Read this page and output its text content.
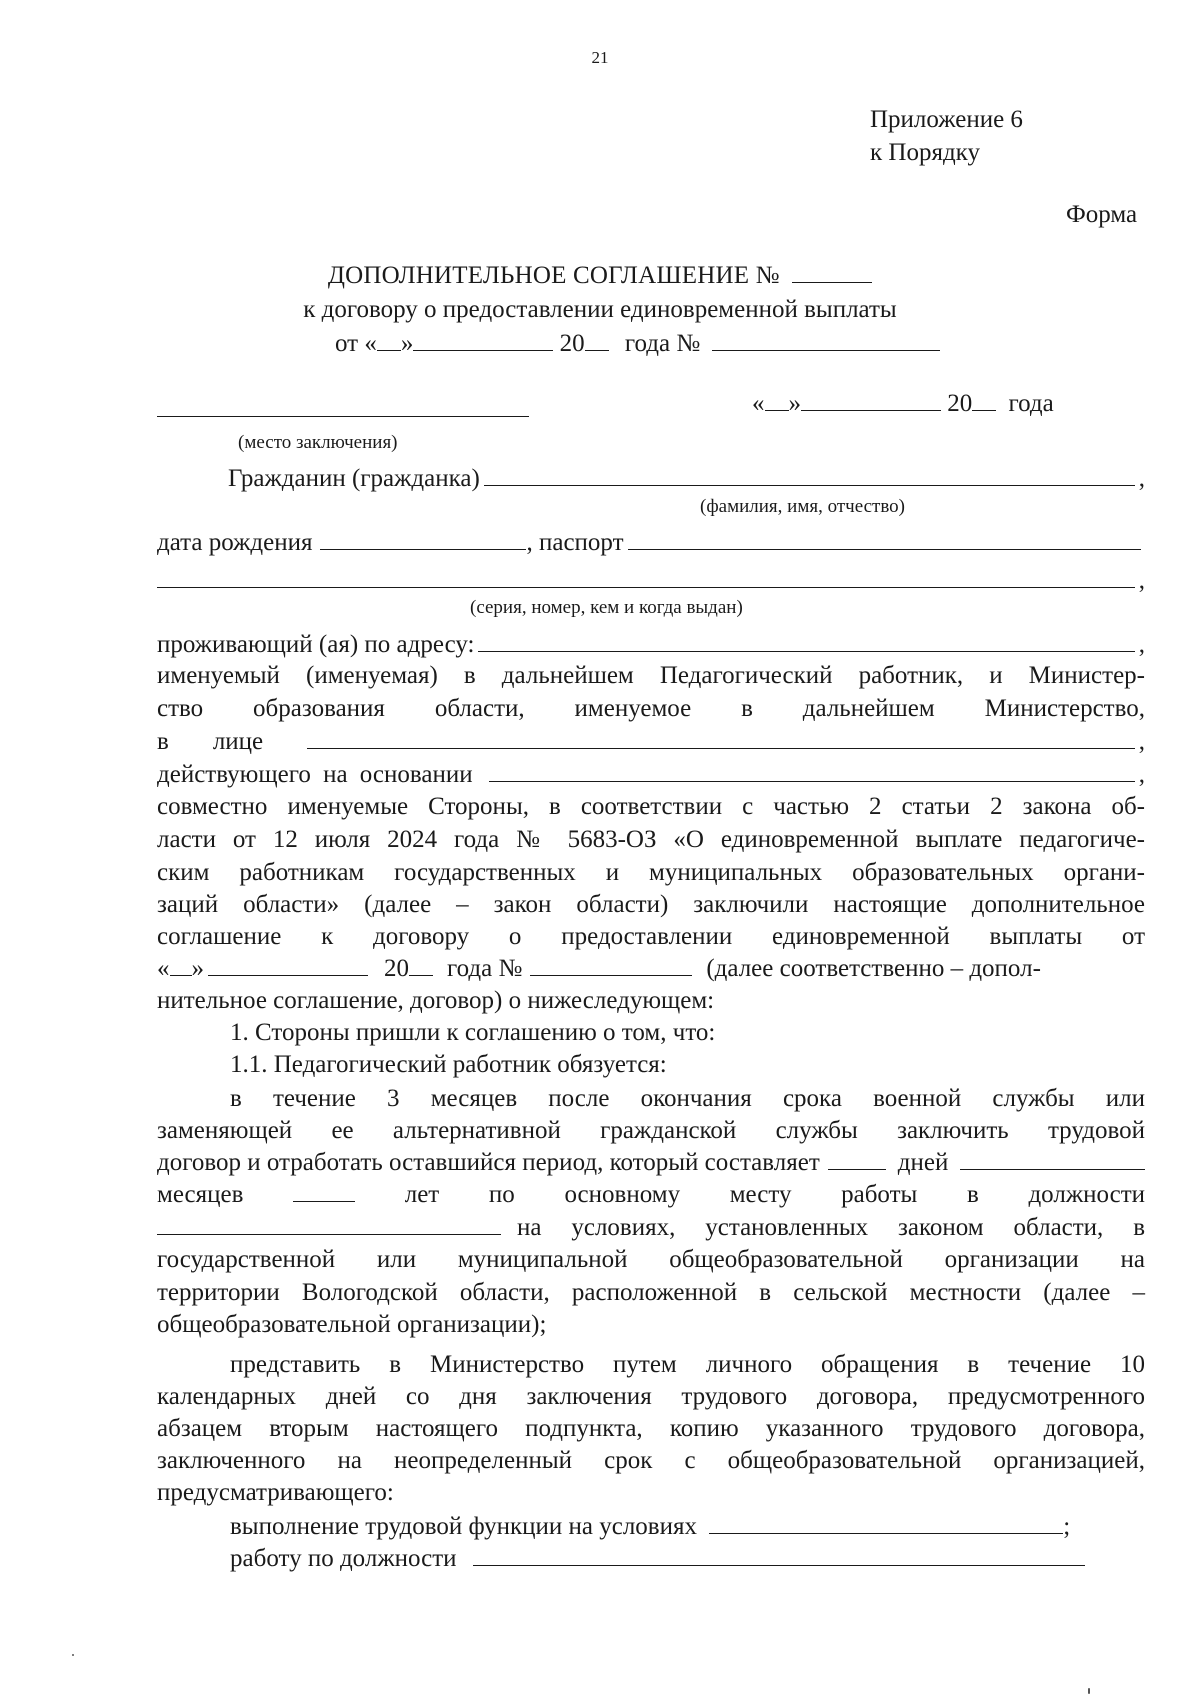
21
Приложение 6
к Порядку
Форма
ДОПОЛНИТЕЛЬНОЕ СОГЛАШЕНИЕ №
к договору о предоставлении единовременной выплаты
от « »	20 года №
« »	20 года
(место заключения)
Гражданин (гражданка)	,
(фамилия, имя, отчество)
дата рождения	, паспорт
,
(серия, номер, кем и когда выдан)
проживающий (ая) по адресу:	,
именуемый (именуемая) в дальнейшем Педагогический работник, и Министер-
ство образования области, именуемое в дальнейшем Министерство,
в лице	,
действующего на основании	,
совместно именуемые Стороны, в соответствии с частью 2 статьи 2 закона об-
ласти от 12 июля 2024 года № 5683-ОЗ «О единовременной выплате педагогиче-
ским работникам государственных и муниципальных образовательных органи-
заций области» (далее – закон области) заключили настоящие дополнительное
соглашение к договору о предоставлении единовременной выплаты от
« »	20 года №	(далее соответственно – допол-
нительное соглашение, договор) о нижеследующем:
1. Стороны пришли к соглашению о том, что:
1.1. Педагогический работник обязуется:
в течение 3 месяцев после окончания срока военной службы или
заменяющей ее альтернативной гражданской службы заключить трудовой
договор и отработать оставшийся период, который составляет	дней
месяцев	лет по основному месту работы в должности
на условиях, установленных законом области, в
государственной или муниципальной общеобразовательной организации на
территории Вологодской области, расположенной в сельской местности (далее –
общеобразовательной организации);
представить в Министерство путем личного обращения в течение 10
календарных дней со дня заключения трудового договора, предусмотренного
абзацем вторым настоящего подпункта, копию указанного трудового договора,
заключенного на неопределенный срок с общеобразовательной организацией,
предусматривающего:
выполнение трудовой функции на условиях	;
работу по должности
